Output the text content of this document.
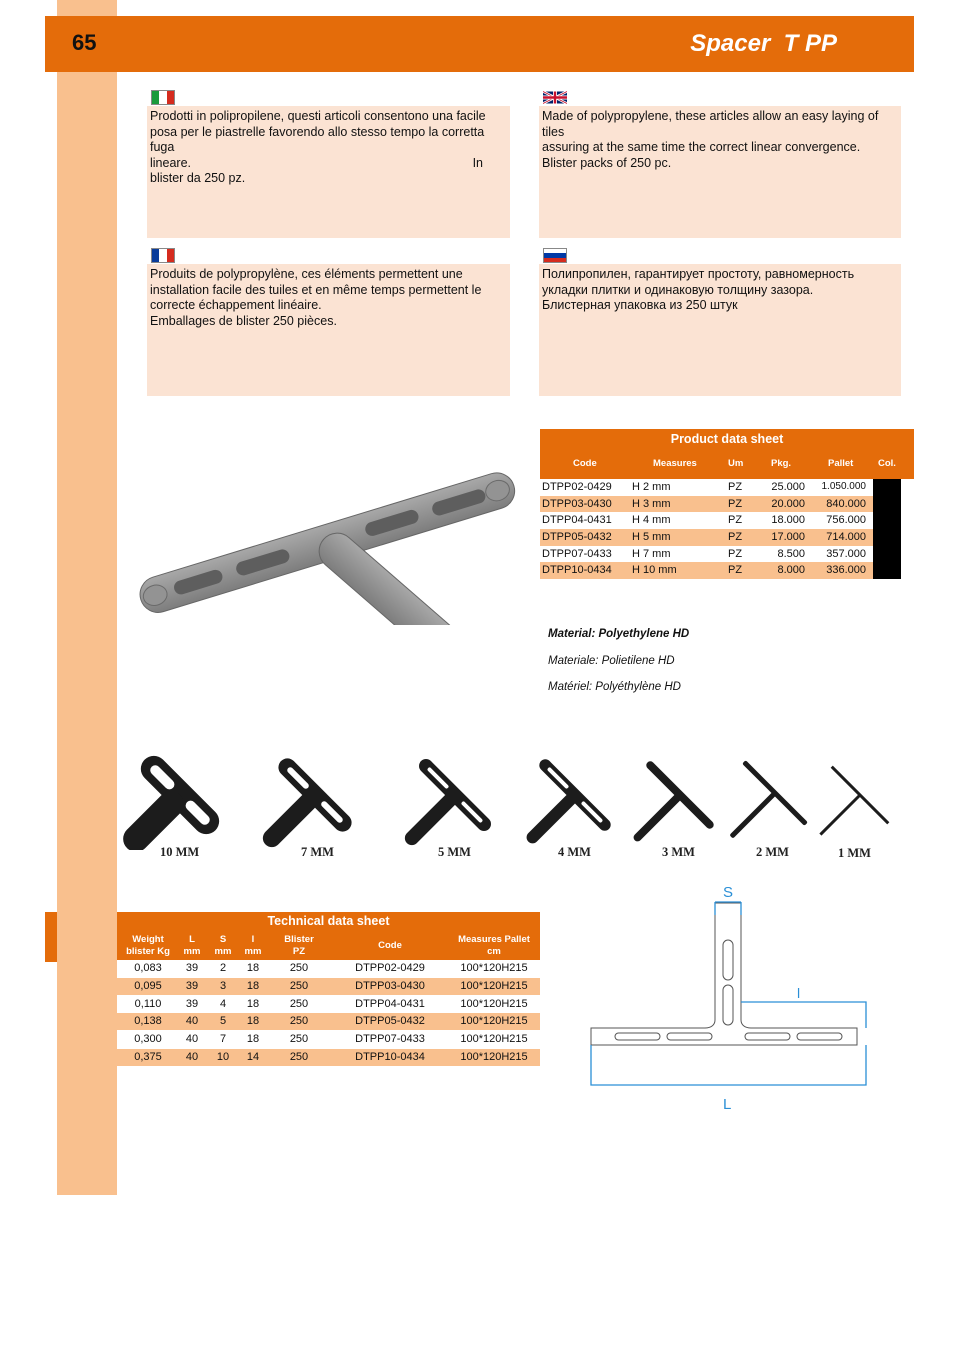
65	Spacer  T PP
Prodotti in polipropilene, questi articoli consentono una facile
posa per le piastrelle favorendo allo stesso tempo la corretta fuga
lineare.	In
blister da 250 pz.
Made of polypropylene, these articles allow an easy laying of tiles
assuring at the same time the correct linear convergence.
Blister packs of 250 pc.
Produits de polypropylène, ces éléments permettent une
installation facile des tuiles et en même temps permettent le
correcte échappement linéaire.
Emballages de blister 250 pièces.
Полипропилен, гарантирует простоту, равномерность
укладки плитки и одинаковую толщину зазора.
Блистерная упаковка из 250 штук

Product data sheet
Code	Measures	Um	Pkg.	Pallet	Col.
DTPP02-0429 H 2 mm	PZ	25.000 1.050.000
DTPP03-0430 H 3 mm	PZ	20.000 840.000
DTPP04-0431 H 4 mm	PZ	18.000 756.000
DTPP05-0432 H 5 mm	PZ	17.000 714.000
DTPP07-0433 H 7 mm	PZ	8.500 357.000
DTPP10-0434 H 10 mm	PZ	8.000 336.000
Material: Polyethylene HD
Materiale: Polietilene HD
Matériel: Polyéthylène HD
10 MM	7 MM	5 MM	4 MM	3 MM	2 MM	1 MM
Technical data sheet
Weight
blister Kg
L
mm
S
mm
l
mm
Blister
PZ
Code
Measures Pallet
cm
0,083	39	2	18	250	DTPP02-0429	100*120H215
0,095	39	3	18	250	DTPP03-0430	100*120H215
0,110	39	4	18	250	DTPP04-0431	100*120H215
0,138	40	5	18	250	DTPP05-0432	100*120H215
0,300	40	7	18	250	DTPP07-0433	100*120H215
0,375	40	10	14	250	DTPP10-0434	100*120H215
S
l
L
